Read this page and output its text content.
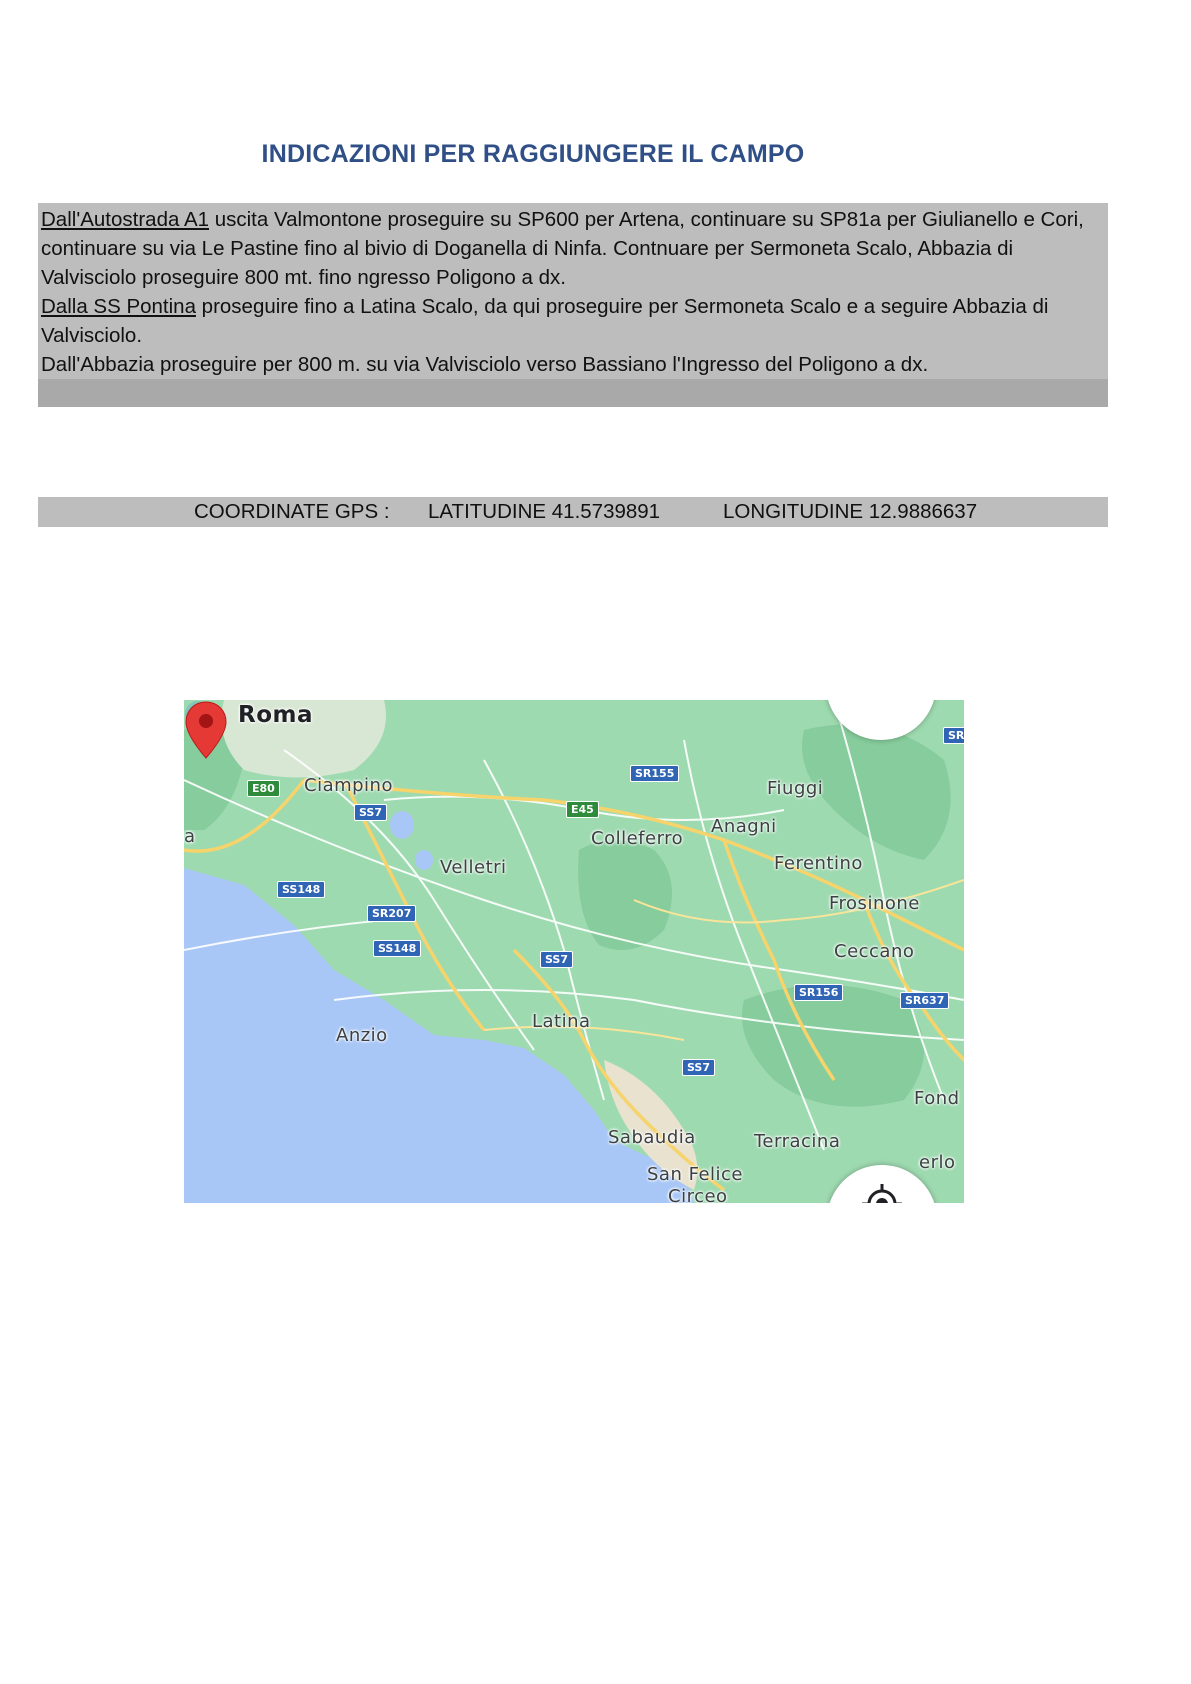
INDICAZIONI PER RAGGIUNGERE IL CAMPO
Dall'Autostrada A1 uscita Valmontone proseguire su SP600 per Artena, continuare su SP81a per Giulianello e Cori, continuare su via Le Pastine fino al bivio di Doganella di Ninfa. Contnuare per Sermoneta Scalo, Abbazia di Valvisciolo proseguire 800 mt. fino ngresso Poligono a dx.
Dalla SS Pontina proseguire fino a Latina Scalo, da qui proseguire per Sermoneta Scalo e a seguire Abbazia di Valvisciolo.
Dall'Abbazia proseguire per 800 m. su via Valvisciolo verso Bassiano l'Ingresso del Poligono a dx.
COORDINATE GPS : LATITUDINE 41.5739891	LONGITUDINE 12.9886637
Roma
Ciampino	Fiuggi
Anagni
Colleferro
Velletri	Ferentino
Frosinone
Ceccano
Latina
Anzio
Sabaudia	Terracina
San Felice
Circeo
Fond
erlo
a
E80
SS7
SR155
E45
SS148
SR207
SS148
SS7
SR156
SR637
SS7
SR
